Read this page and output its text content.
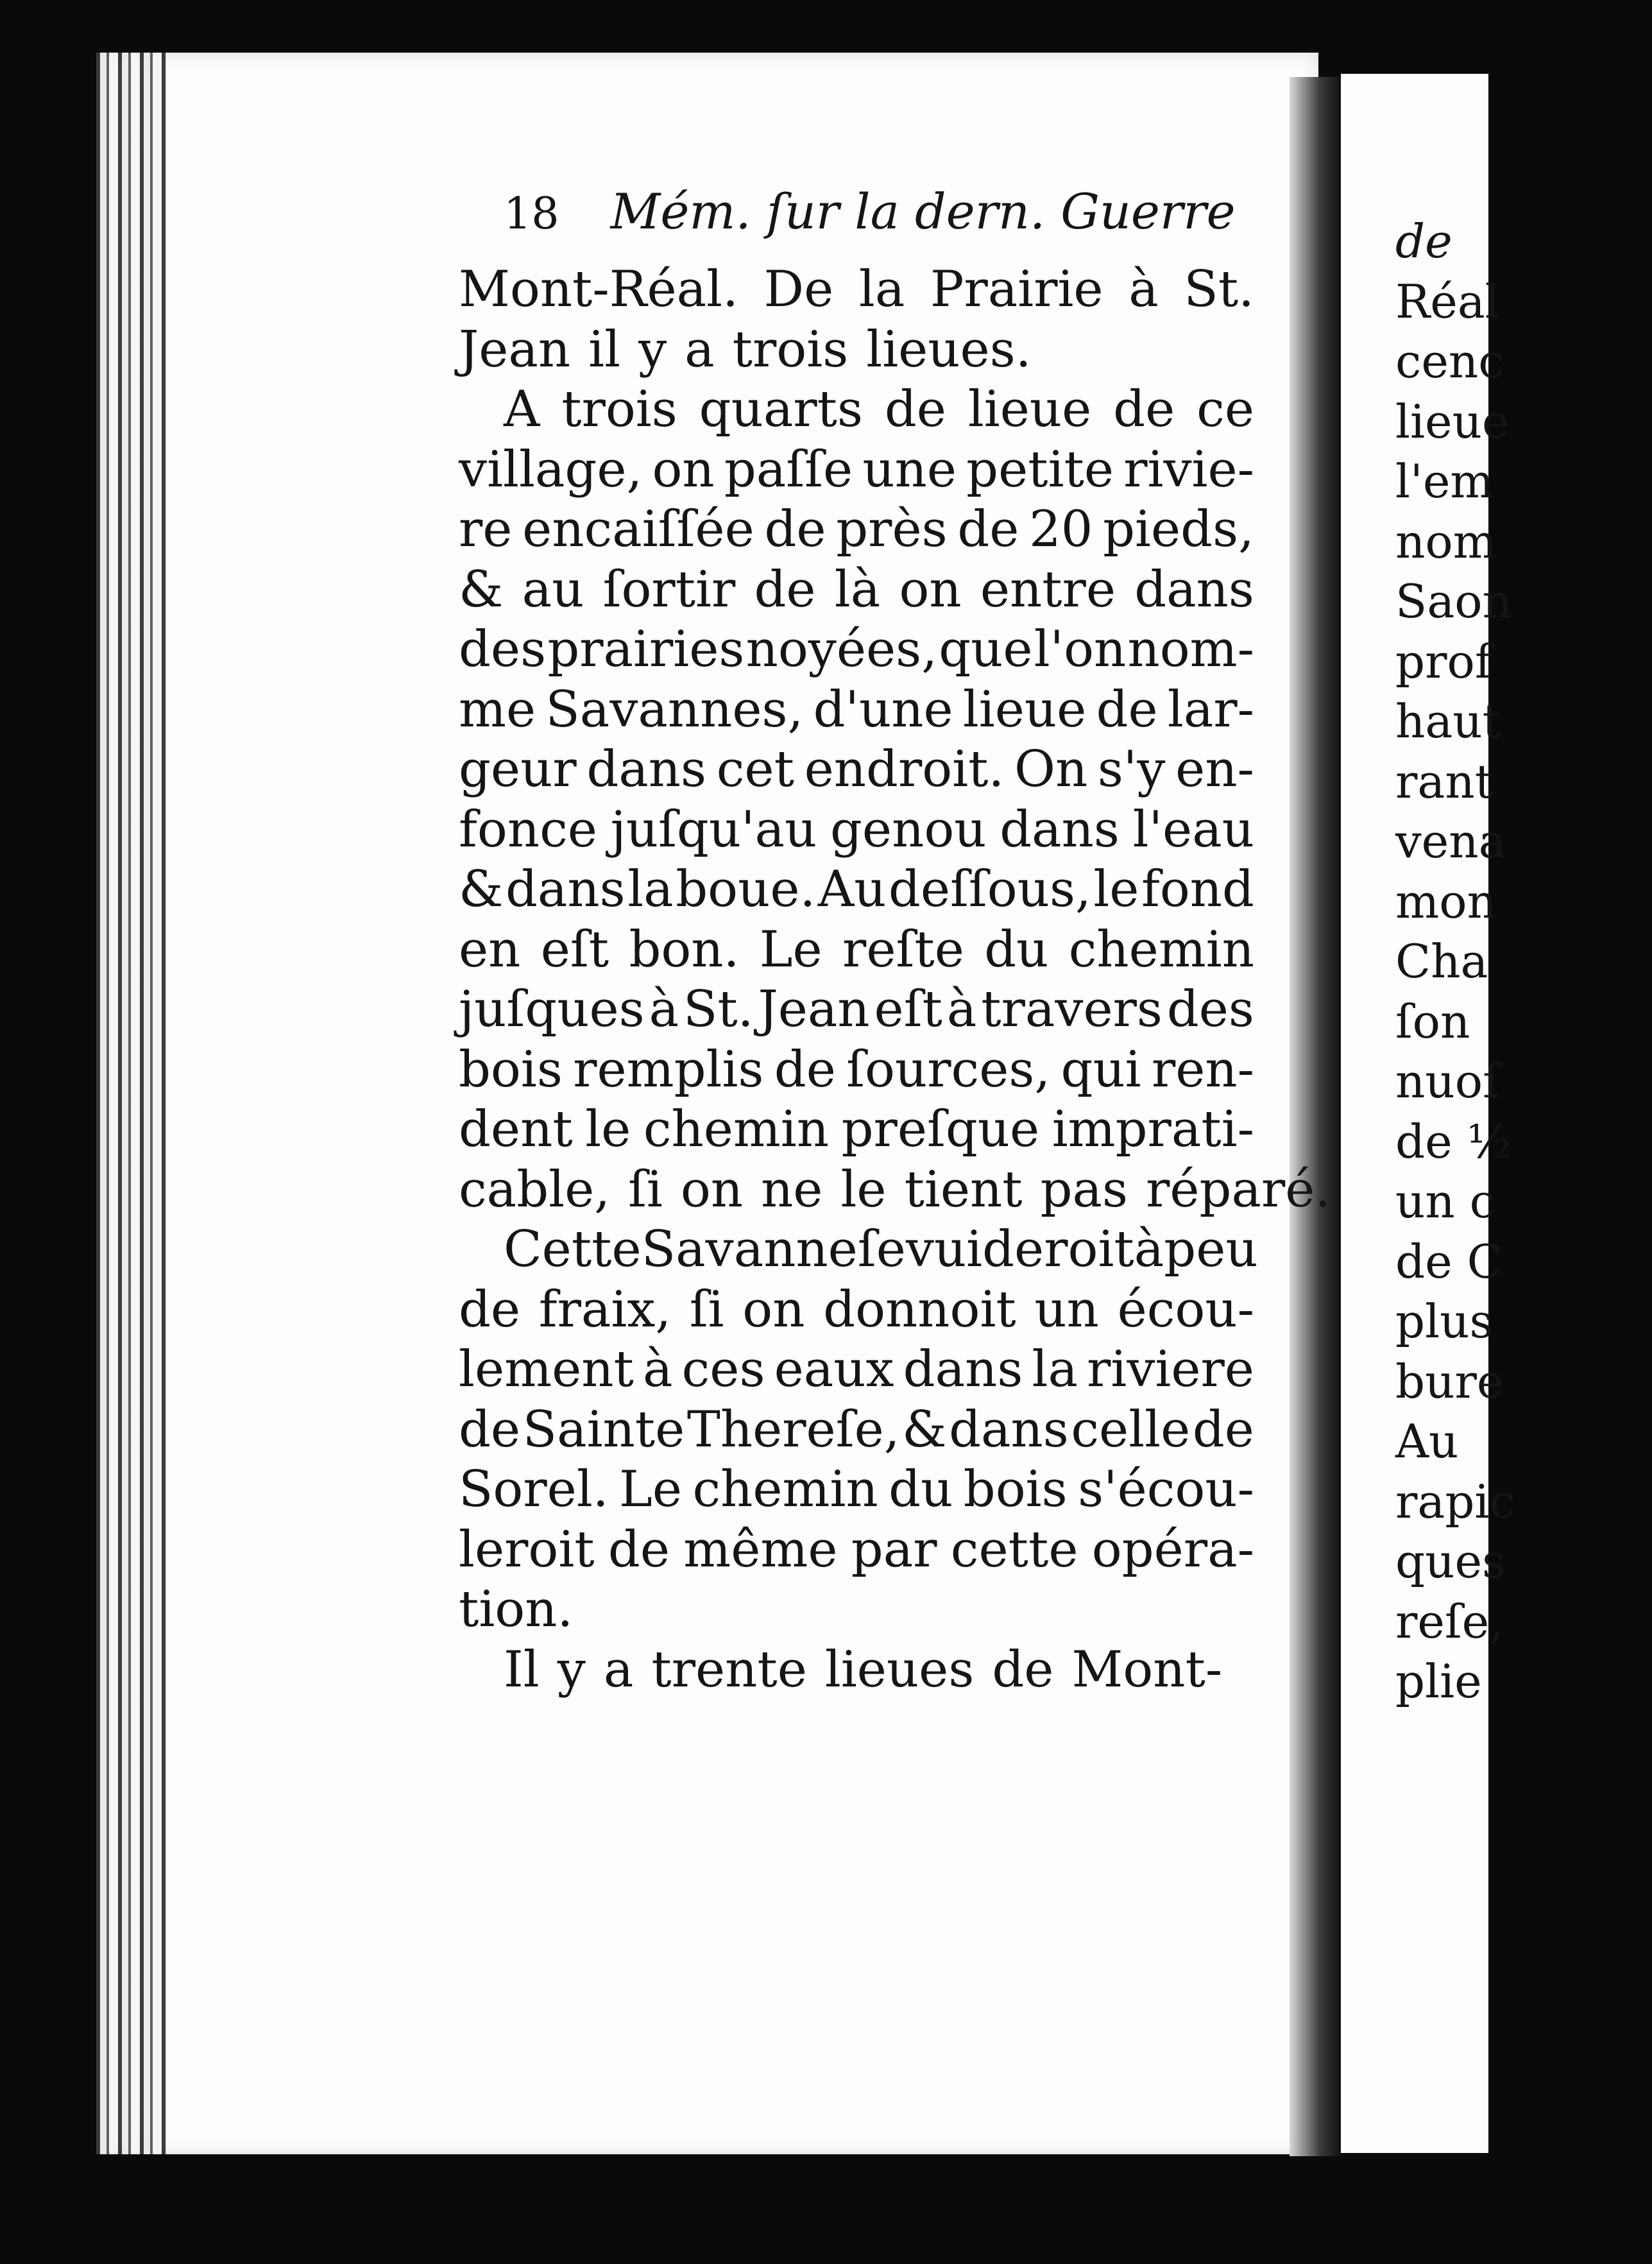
18 Mém. ſur la dern. Guerre
Mont-Réal. De la Prairie à St.
Jean il y a trois lieues.
A trois quarts de lieue de ce
village, on paſſe une petite rivie-
re encaiſſée de près de 20 pieds,
& au ſortir de là on entre dans
des prairies noyées, que l'on nom-
me Savannes, d'une lieue de lar-
geur dans cet endroit. On s'y en-
fonce juſqu'au genou dans l'eau
& dans la boue. Au deſſous, le fond
en eſt bon. Le reſte du chemin
juſques à St. Jean eſt à travers des
bois remplis de ſources, qui ren-
dent le chemin preſque imprati-
cable, ſi on ne le tient pas réparé.
Cette Savanne ſe vuideroit à peu
de fraix, ſi on donnoit un écou-
lement à ces eaux dans la riviere
de Sainte Thereſe, & dans celle de
Sorel. Le chemin du bois s'écou-
leroit de même par cette opéra-
tion.
Il y a trente lieues de Mont-
de
Réal
cenc
lieue
l'em
nom
Saon
prof
haut
rant
vena
mon
Cha
ſon
nuoſ
de ½
un c
de C
plus
bure
Au
rapic
ques
reſe,
plie
